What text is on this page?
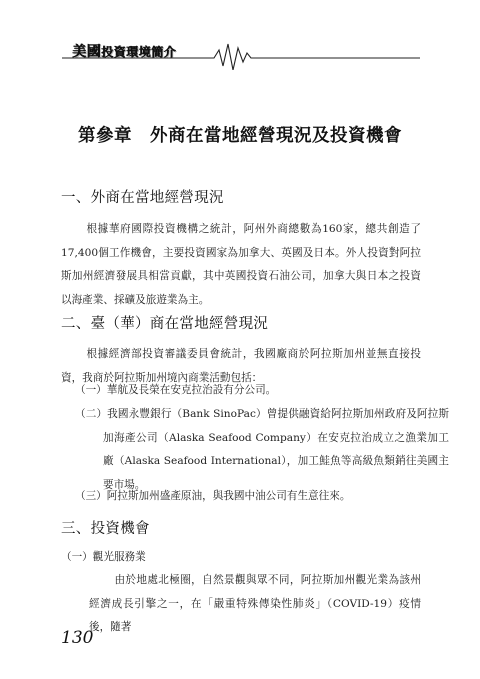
美國投資環境簡介
第參章　外商在當地經營現況及投資機會
一、外商在當地經營現況
根據華府國際投資機構之統計，阿州外商總數為160家，總共創造了17,400個工作機會，主要投資國家為加拿大、英國及日本。外人投資對阿拉斯加州經濟發展具相當貢獻，其中英國投資石油公司，加拿大與日本之投資以海產業、採礦及旅遊業為主。
二、臺（華）商在當地經營現況
根據經濟部投資審議委員會統計，我國廠商於阿拉斯加州並無直接投資，我商於阿拉斯加州境內商業活動包括：
（一）華航及長榮在安克拉治設有分公司。
（二）我國永豐銀行（Bank SinoPac）曾提供融資給阿拉斯加州政府及阿拉斯加海產公司（Alaska Seafood Company）在安克拉治成立之漁業加工廠（Alaska Seafood International），加工鮭魚等高級魚類銷往美國主要市場。
（三）阿拉斯加州盛產原油，與我國中油公司有生意往來。
三、投資機會
（一）觀光服務業
由於地處北極圈，自然景觀與眾不同，阿拉斯加州觀光業為該州經濟成長引擎之一，在「嚴重特殊傳染性肺炎」（COVID-19）疫情後，隨著
130
